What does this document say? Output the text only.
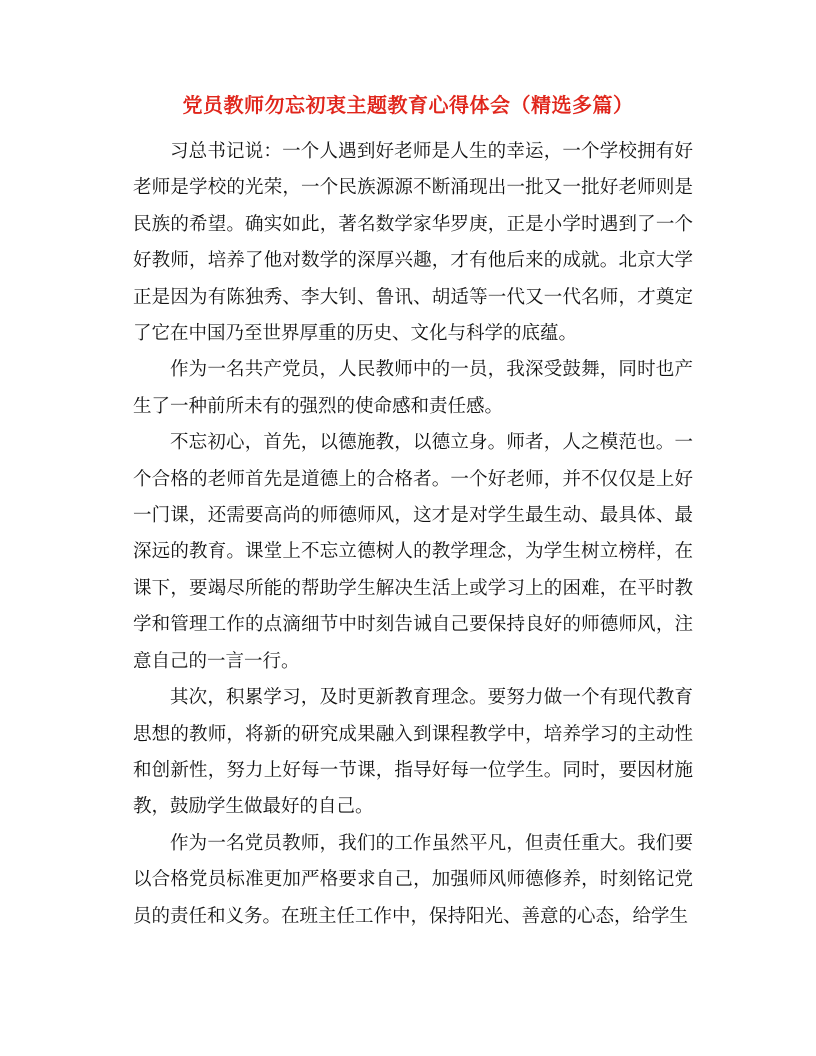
党员教师勿忘初衷主题教育心得体会（精选多篇）

习总书记说：一个人遇到好老师是人生的幸运，一个学校拥有好老师是学校的光荣，一个民族源源不断涌现出一批又一批好老师则是民族的希望。确实如此，著名数学家华罗庚，正是小学时遇到了一个好教师，培养了他对数学的深厚兴趣，才有他后来的成就。北京大学正是因为有陈独秀、李大钊、鲁讯、胡适等一代又一代名师，才奠定了它在中国乃至世界厚重的历史、文化与科学的底蕴。

作为一名共产党员，人民教师中的一员，我深受鼓舞，同时也产生了一种前所未有的强烈的使命感和责任感。

不忘初心，首先，以德施教，以德立身。师者，人之模范也。一个合格的老师首先是道德上的合格者。一个好老师，并不仅仅是上好一门课，还需要高尚的师德师风，这才是对学生最生动、最具体、最深远的教育。课堂上不忘立德树人的教学理念，为学生树立榜样，在课下，要竭尽所能的帮助学生解决生活上或学习上的困难，在平时教学和管理工作的点滴细节中时刻告诫自己要保持良好的师德师风，注意自己的一言一行。

其次，积累学习，及时更新教育理念。要努力做一个有现代教育思想的教师，将新的研究成果融入到课程教学中，培养学习的主动性和创新性，努力上好每一节课，指导好每一位学生。同时，要因材施教，鼓励学生做最好的自己。

作为一名党员教师，我们的工作虽然平凡，但责任重大。我们要以合格党员标准更加严格要求自己，加强师风师德修养，时刻铭记党员的责任和义务。在班主任工作中，保持阳光、善意的心态，给学生
